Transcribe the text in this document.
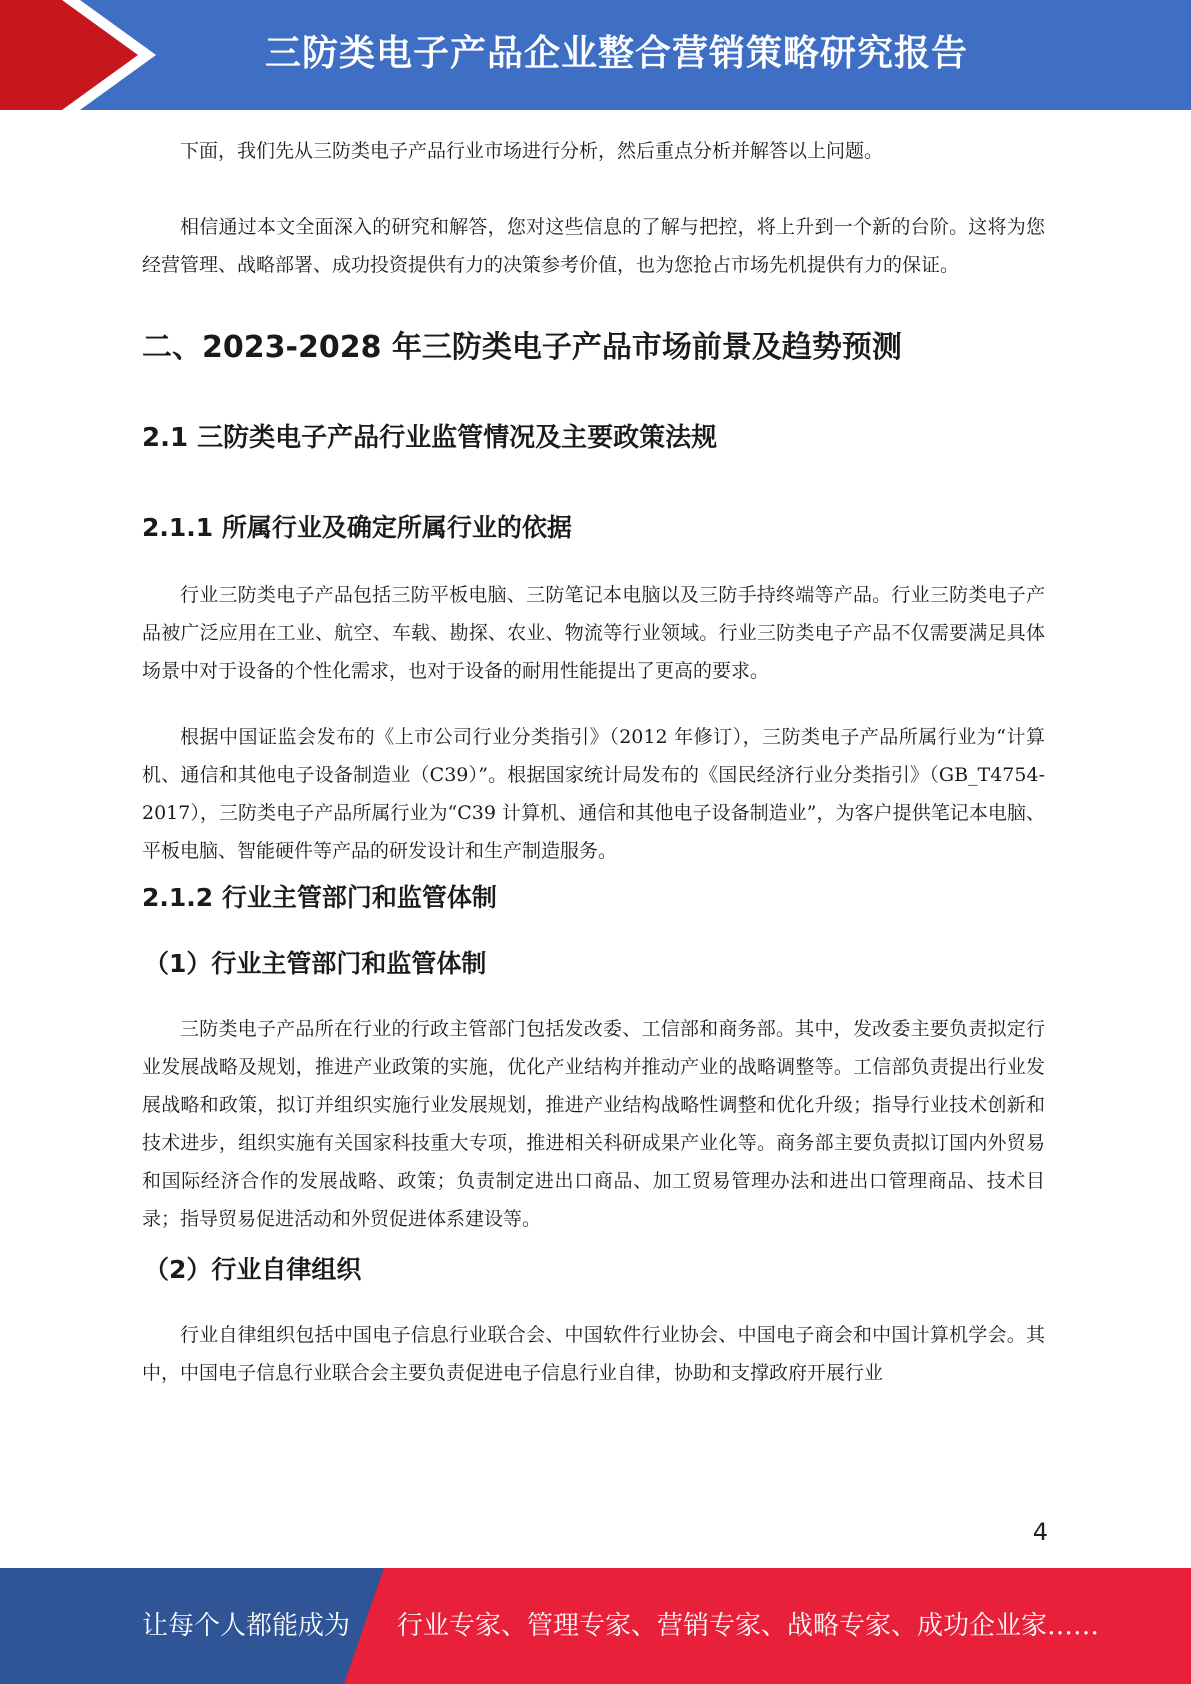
三防类电子产品企业整合营销策略研究报告

下面，我们先从三防类电子产品行业市场进行分析，然后重点分析并解答以上问题。

相信通过本文全面深入的研究和解答，您对这些信息的了解与把控，将上升到一个新的台阶。这将为您经营管理、战略部署、成功投资提供有力的决策参考价值，也为您抢占市场先机提供有力的保证。

二、2023-2028 年三防类电子产品市场前景及趋势预测
2.1 三防类电子产品行业监管情况及主要政策法规
2.1.1 所属行业及确定所属行业的依据

行业三防类电子产品包括三防平板电脑、三防笔记本电脑以及三防手持终端等产品。行业三防类电子产品被广泛应用在工业、航空、车载、勘探、农业、物流等行业领域。行业三防类电子产品不仅需要满足具体场景中对于设备的个性化需求，也对于设备的耐用性能提出了更高的要求。

根据中国证监会发布的《上市公司行业分类指引》（2012 年修订），三防类电子产品所属行业为“计算机、通信和其他电子设备制造业（C39）”。根据国家统计局发布的《国民经济行业分类指引》（GB_T4754-2017），三防类电子产品所属行业为“C39 计算机、通信和其他电子设备制造业”，为客户提供笔记本电脑、平板电脑、智能硬件等产品的研发设计和生产制造服务。

2.1.2 行业主管部门和监管体制
（1）行业主管部门和监管体制

三防类电子产品所在行业的行政主管部门包括发改委、工信部和商务部。其中，发改委主要负责拟定行业发展战略及规划，推进产业政策的实施，优化产业结构并推动产业的战略调整等。工信部负责提出行业发展战略和政策，拟订并组织实施行业发展规划，推进产业结构战略性调整和优化升级；指导行业技术创新和技术进步，组织实施有关国家科技重大专项，推进相关科研成果产业化等。商务部主要负责拟订国内外贸易和国际经济合作的发展战略、政策；负责制定进出口商品、加工贸易管理办法和进出口管理商品、技术目录；指导贸易促进活动和外贸促进体系建设等。

（2）行业自律组织

行业自律组织包括中国电子信息行业联合会、中国软件行业协会、中国电子商会和中国计算机学会。其中，中国电子信息行业联合会主要负责促进电子信息行业自律，协助和支撑政府开展行业

4
让每个人都能成为 行业专家、管理专家、营销专家、战略专家、成功企业家……
